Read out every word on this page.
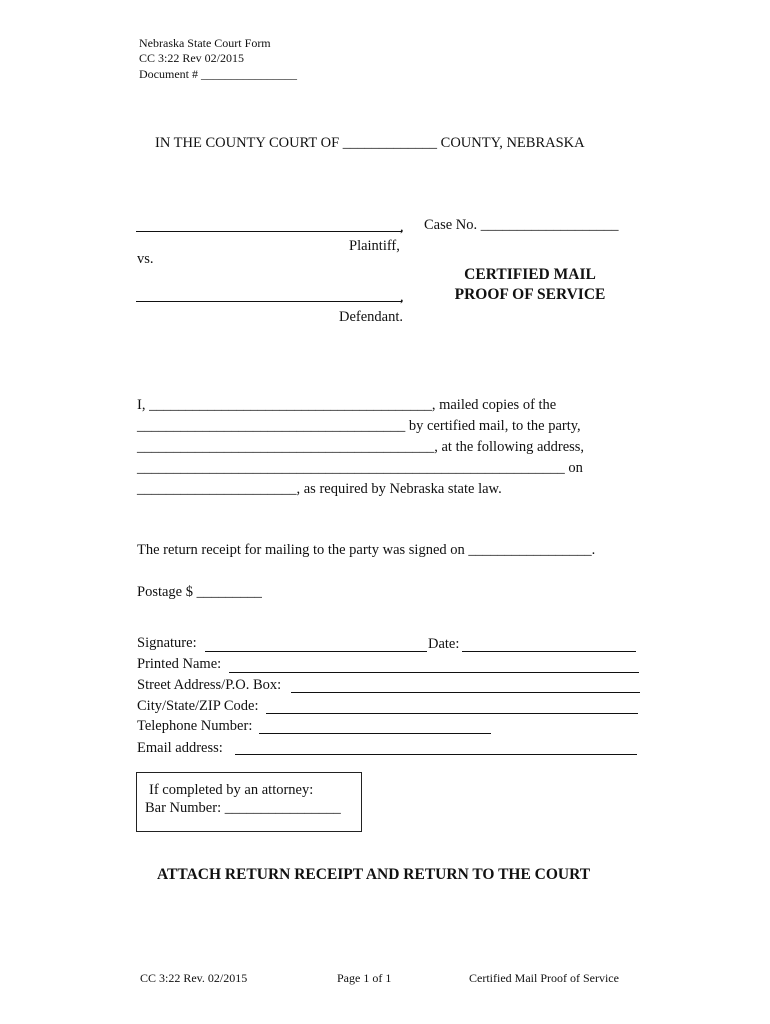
Nebraska State Court Form
CC 3:22 Rev 02/2015
Document # ________________
IN THE COUNTY COURT OF _____________ COUNTY, NEBRASKA
,
Plaintiff,
vs.
,
Defendant.
Case No. ___________________
CERTIFIED MAIL
PROOF OF SERVICE
I, _______________________________________, mailed copies of the
_____________________________________ by certified mail, to the party,
_________________________________________, at the following address,
___________________________________________________________ on
______________________, as required by Nebraska state law.
The return receipt for mailing to the party was signed on _________________.
Postage $ _________
Signature:	Date:
Printed Name:
Street Address/P.O. Box:
City/State/ZIP Code:
Telephone Number:
Email address:
If completed by an attorney:
Bar Number: ________________
ATTACH RETURN RECEIPT AND RETURN TO THE COURT
CC 3:22 Rev. 02/2015	Page 1 of 1	Certified Mail Proof of Service
